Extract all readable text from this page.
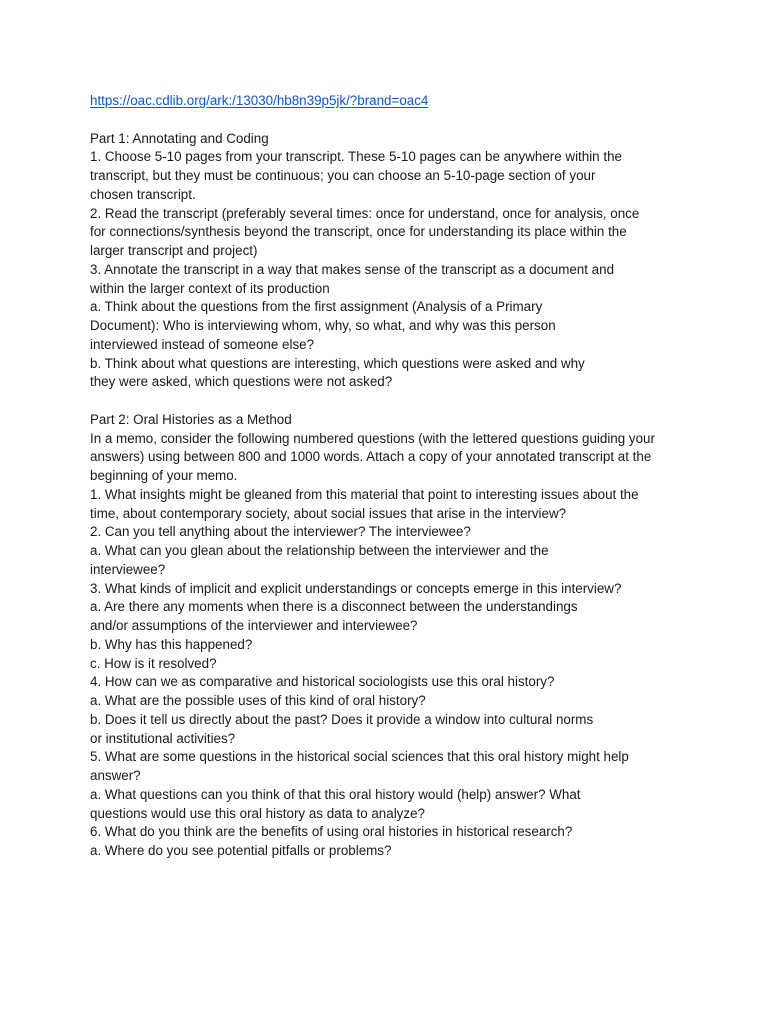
https://oac.cdlib.org/ark:/13030/hb8n39p5jk/?brand=oac4
Part 1: Annotating and Coding
1. Choose 5-10 pages from your transcript. These 5-10 pages can be anywhere within the
transcript, but they must be continuous; you can choose an 5-10-page section of your
chosen transcript.
2. Read the transcript (preferably several times: once for understand, once for analysis, once
for connections/synthesis beyond the transcript, once for understanding its place within the
larger transcript and project)
3. Annotate the transcript in a way that makes sense of the transcript as a document and
within the larger context of its production
a. Think about the questions from the first assignment (Analysis of a Primary
Document): Who is interviewing whom, why, so what, and why was this person
interviewed instead of someone else?
b. Think about what questions are interesting, which questions were asked and why
they were asked, which questions were not asked?
Part 2: Oral Histories as a Method
In a memo, consider the following numbered questions (with the lettered questions guiding your
answers) using between 800 and 1000 words. Attach a copy of your annotated transcript at the
beginning of your memo.
1. What insights might be gleaned from this material that point to interesting issues about the
time, about contemporary society, about social issues that arise in the interview?
2. Can you tell anything about the interviewer? The interviewee?
a. What can you glean about the relationship between the interviewer and the
interviewee?
3. What kinds of implicit and explicit understandings or concepts emerge in this interview?
a. Are there any moments when there is a disconnect between the understandings
and/or assumptions of the interviewer and interviewee?
b. Why has this happened?
c. How is it resolved?
4. How can we as comparative and historical sociologists use this oral history?
a. What are the possible uses of this kind of oral history?
b. Does it tell us directly about the past? Does it provide a window into cultural norms
or institutional activities?
5. What are some questions in the historical social sciences that this oral history might help
answer?
a. What questions can you think of that this oral history would (help) answer? What
questions would use this oral history as data to analyze?
6. What do you think are the benefits of using oral histories in historical research?
a. Where do you see potential pitfalls or problems?
